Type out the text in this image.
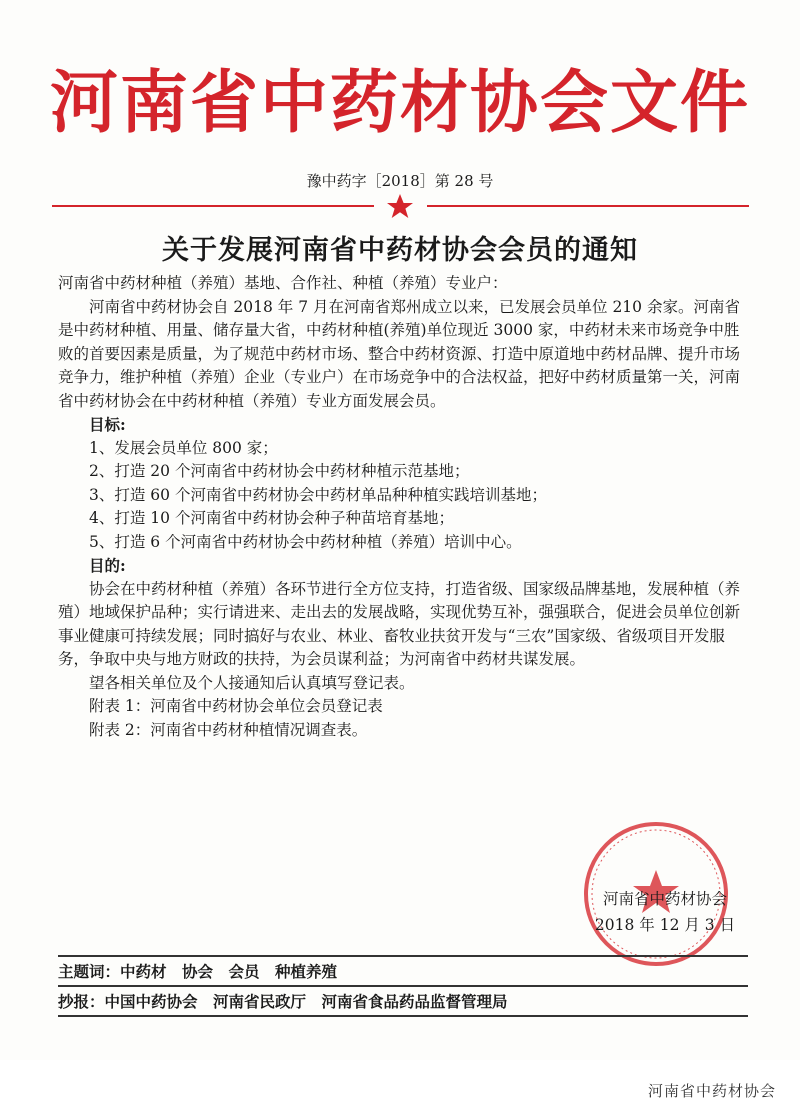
河南省中药材协会文件
豫中药字［2018］第 28 号
关于发展河南省中药材协会会员的通知

河南省中药材种植（养殖）基地、合作社、种植（养殖）专业户：

河南省中药材协会自 2018 年 7 月在河南省郑州成立以来，已发展会员单位 210 余家。河南省是中药材种植、用量、储存量大省，中药材种植(养殖)单位现近 3000 家，中药材未来市场竞争中胜败的首要因素是质量，为了规范中药材市场、整合中药材资源、打造中原道地中药材品牌、提升市场竞争力，维护种植（养殖）企业（专业户）在市场竞争中的合法权益，把好中药材质量第一关，河南省中药材协会在中药材种植（养殖）专业方面发展会员。

目标:

1、发展会员单位 800 家；

2、打造 20 个河南省中药材协会中药材种植示范基地；

3、打造 60 个河南省中药材协会中药材单品种种植实践培训基地；

4、打造 10 个河南省中药材协会种子种苗培育基地；

5、打造 6 个河南省中药材协会中药材种植（养殖）培训中心。

目的:

协会在中药材种植（养殖）各环节进行全方位支持，打造省级、国家级品牌基地，发展种植（养殖）地域保护品种；实行请进来、走出去的发展战略，实现优势互补，强强联合，促进会员单位创新事业健康可持续发展；同时搞好与农业、林业、畜牧业扶贫开发与“三农”国家级、省级项目开发服务，争取中央与地方财政的扶持，为会员谋利益；为河南省中药材共谋发展。

望各相关单位及个人接通知后认真填写登记表。

附表 1：河南省中药材协会单位会员登记表

附表 2：河南省中药材种植情况调查表。

河南省中药材协会
2018 年 12 月 3 日
主题词：中药材　协会　会员　种植养殖
抄报：中国中药协会　河南省民政厅　河南省食品药品监督管理局
河南省中药材协会
